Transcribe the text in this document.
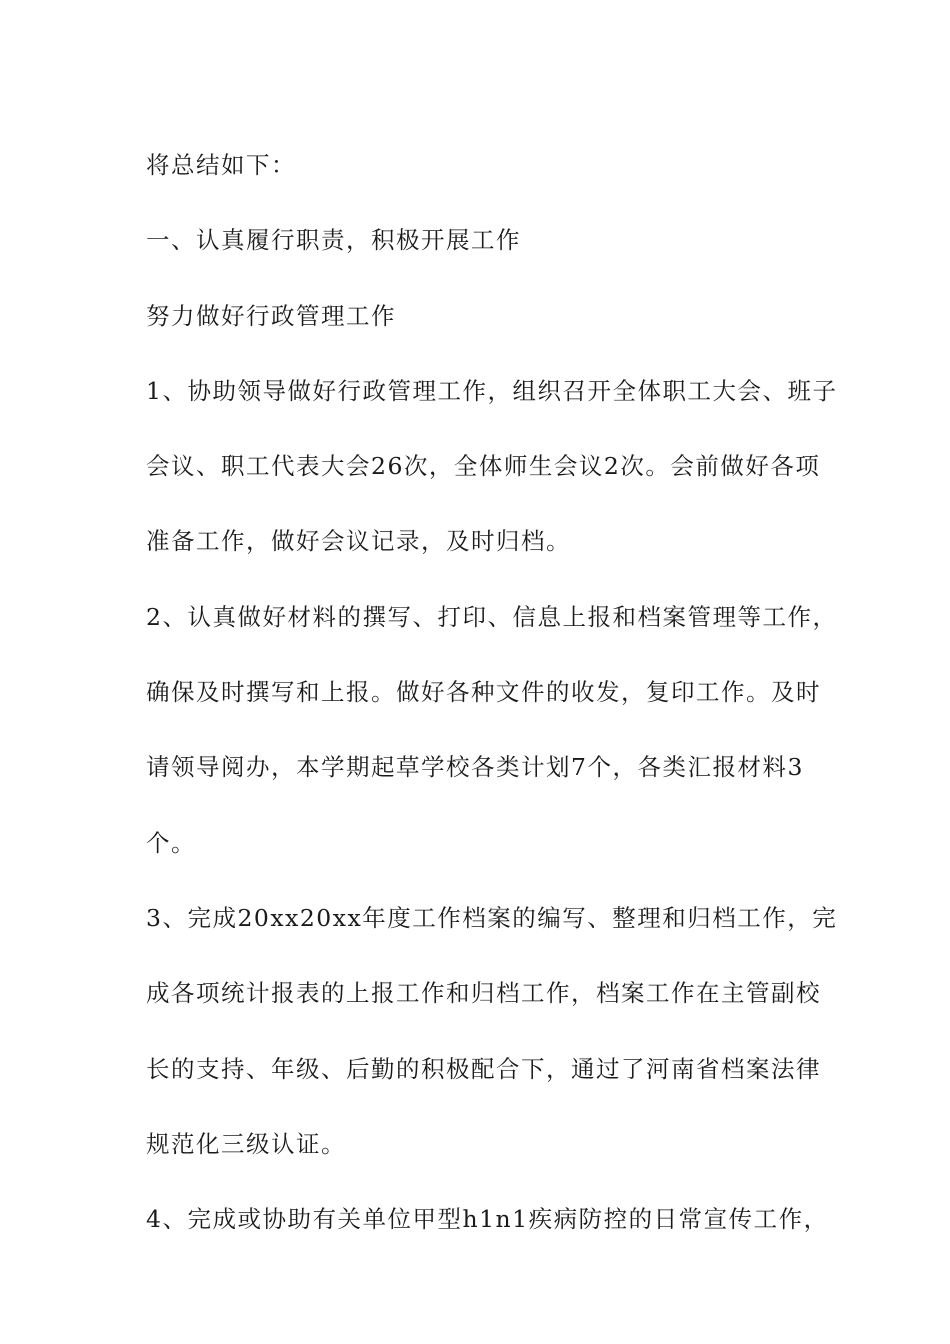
将总结如下：

一、认真履行职责，积极开展工作

努力做好行政管理工作

1、协助领导做好行政管理工作，组织召开全体职工大会、班子
会议、职工代表大会26次，全体师生会议2次。会前做好各项
准备工作，做好会议记录，及时归档。

2、认真做好材料的撰写、打印、信息上报和档案管理等工作，
确保及时撰写和上报。做好各种文件的收发，复印工作。及时
请领导阅办，本学期起草学校各类计划7个，各类汇报材料3
个。

3、完成20xx20xx年度工作档案的编写、整理和归档工作，完
成各项统计报表的上报工作和归档工作，档案工作在主管副校
长的支持、年级、后勤的积极配合下，通过了河南省档案法律
规范化三级认证。

4、完成或协助有关单位甲型h1n1疾病防控的日常宣传工作，
